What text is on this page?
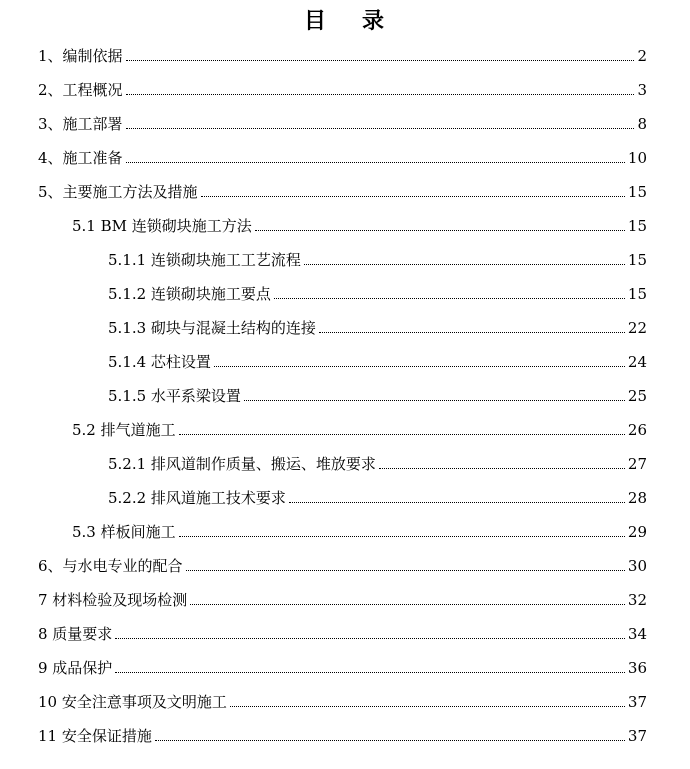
目 录
1、编制依据	2
2、工程概况	3
3、施工部署	8
4、施工准备	10
5、主要施工方法及措施	15
5.1 BM 连锁砌块施工方法	15
5.1.1 连锁砌块施工工艺流程	15
5.1.2 连锁砌块施工要点	15
5.1.3 砌块与混凝土结构的连接	22
5.1.4 芯柱设置	24
5.1.5 水平系梁设置	25
5.2 排气道施工	26
5.2.1 排风道制作质量、搬运、堆放要求	27
5.2.2 排风道施工技术要求	28
5.3 样板间施工	29
6、与水电专业的配合	30
7 材料检验及现场检测	32
8 质量要求	34
9 成品保护	36
10 安全注意事项及文明施工	37
11 安全保证措施	37
